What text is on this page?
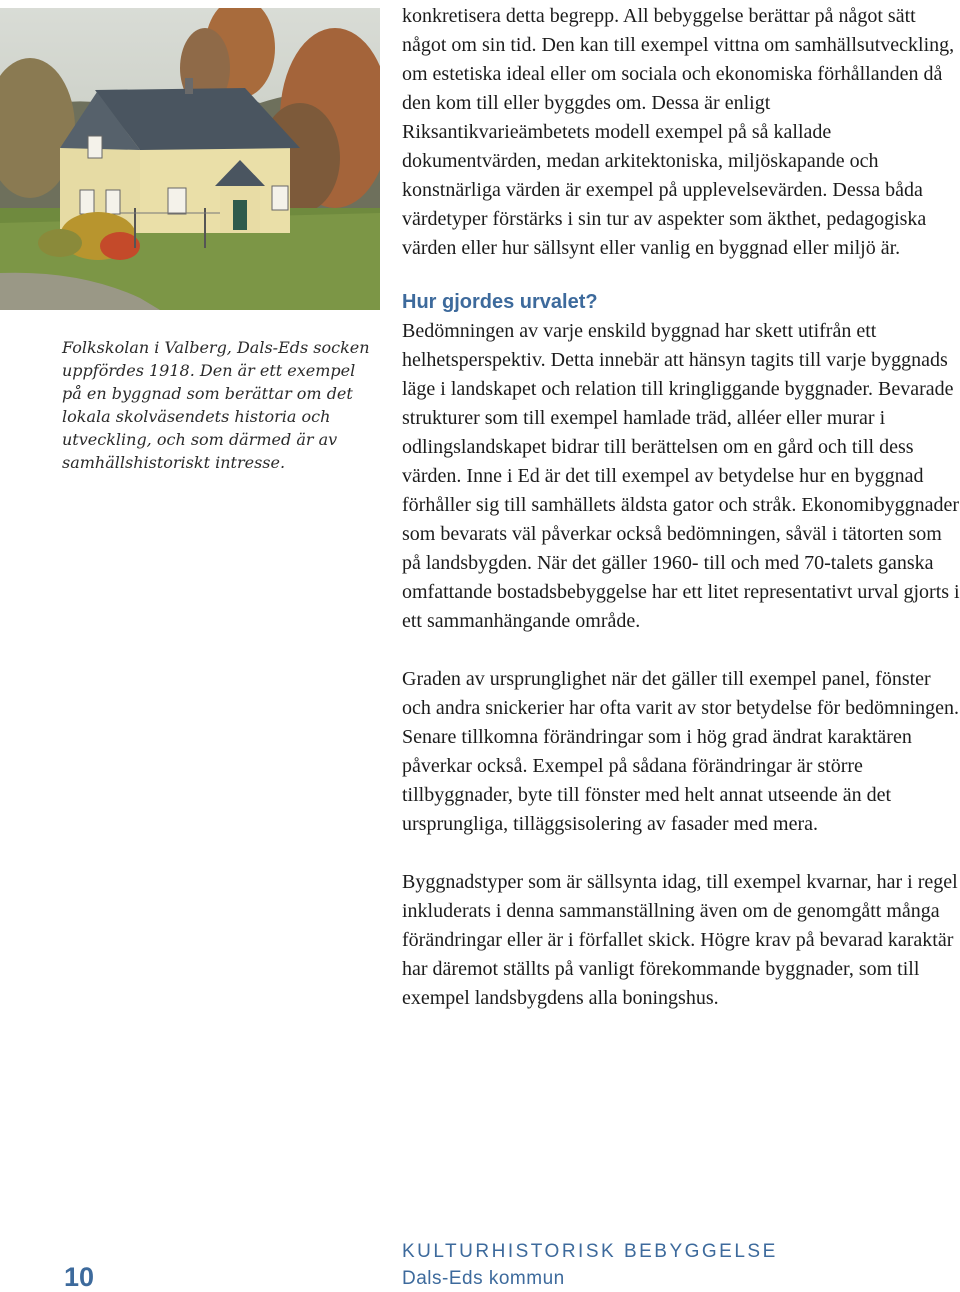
Folkskolan i Valberg, Dals-Eds socken uppfördes 1918. Den är ett exempel på en byggnad som berättar om det lokala skolväsendets historia och utveckling, och som därmed är av samhällshistoriskt intresse.

konkretisera detta begrepp. All bebyggelse berättar på något sätt något om sin tid. Den kan till exempel vittna om samhällsutveckling, om estetiska ideal eller om sociala och ekonomiska förhållanden då den kom till eller byggdes om. Dessa är enligt Riksantikvarieämbetets modell exempel på så kallade dokumentvärden, medan arkitektoniska, miljöskapande och konstnärliga värden är exempel på upplevelsevärden. Dessa båda värdetyper förstärks i sin tur av aspekter som äkthet, pedagogiska värden eller hur sällsynt eller vanlig en byggnad eller miljö är.

Hur gjordes urvalet?

Bedömningen av varje enskild byggnad har skett utifrån ett helhetsperspektiv. Detta innebär att hänsyn tagits till varje byggnads läge i landskapet och relation till kringliggande byggnader. Bevarade strukturer som till exempel hamlade träd, alléer eller murar i odlingslandskapet bidrar till berättelsen om en gård och till dess värden. Inne i Ed är det till exempel av betydelse hur en byggnad förhåller sig till samhällets äldsta gator och stråk. Ekonomibyggnader som bevarats väl påverkar också bedömningen, såväl i tätorten som på landsbygden. När det gäller 1960- till och med 70-talets ganska omfattande bostadsbebyggelse har ett litet representativt urval gjorts i ett sammanhängande område.

Graden av ursprunglighet när det gäller till exempel panel, fönster och andra snickerier har ofta varit av stor betydelse för bedömningen. Senare tillkomna förändringar som i hög grad ändrat karaktären påverkar också. Exempel på sådana förändringar är större tillbyggnader, byte till fönster med helt annat utseende än det ursprungliga, tilläggsisolering av fasader med mera.

Byggnadstyper som är sällsynta idag, till exempel kvarnar, har i regel inkluderats i denna sammanställning även om de genomgått många förändringar eller är i förfallet skick. Högre krav på bevarad karaktär har däremot ställts på vanligt förekommande byggnader, som till exempel landsbygdens alla boningshus.

10
KULTURHISTORISK BEBYGGELSE
Dals-Eds kommun
